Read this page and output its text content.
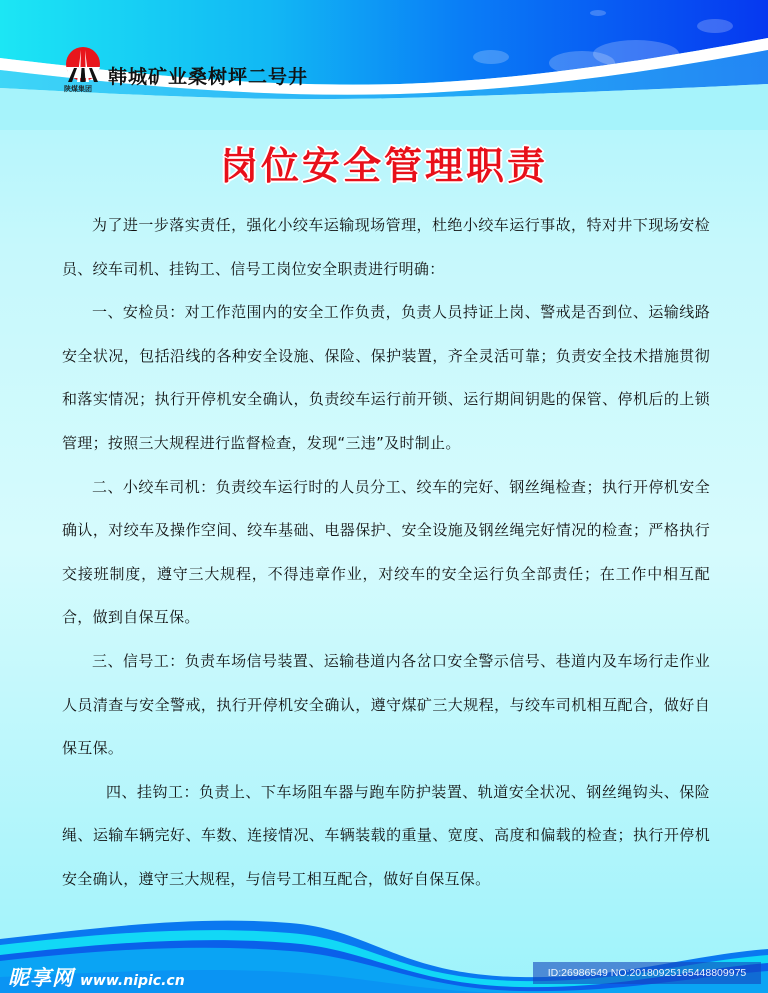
陕煤集团
韩城矿业桑树坪二号井
岗位安全管理职责

为了进一步落实责任，强化小绞车运输现场管理，杜绝小绞车运行事故，特对井下现场安检员、绞车司机、挂钩工、信号工岗位安全职责进行明确：

一、安检员：对工作范围内的安全工作负责，负责人员持证上岗、警戒是否到位、运输线路安全状况，包括沿线的各种安全设施、保险、保护装置，齐全灵活可靠；负责安全技术措施贯彻和落实情况；执行开停机安全确认，负责绞车运行前开锁、运行期间钥匙的保管、停机后的上锁管理；按照三大规程进行监督检查，发现“三违”及时制止。

二、小绞车司机：负责绞车运行时的人员分工、绞车的完好、钢丝绳检查；执行开停机安全确认，对绞车及操作空间、绞车基础、电器保护、安全设施及钢丝绳完好情况的检查；严格执行交接班制度，遵守三大规程，不得违章作业，对绞车的安全运行负全部责任；在工作中相互配合，做到自保互保。

三、信号工：负责车场信号装置、运输巷道内各岔口安全警示信号、巷道内及车场行走作业人员清查与安全警戒，执行开停机安全确认，遵守煤矿三大规程，与绞车司机相互配合，做好自保互保。

四、挂钩工：负责上、下车场阻车器与跑车防护装置、轨道安全状况、钢丝绳钩头、保险绳、运输车辆完好、车数、连接情况、车辆装载的重量、宽度、高度和偏载的检查；执行开停机安全确认，遵守三大规程，与信号工相互配合，做好自保互保。

昵享网 www.nipic.cn	ID:26986549 NO:20180925165448809975
